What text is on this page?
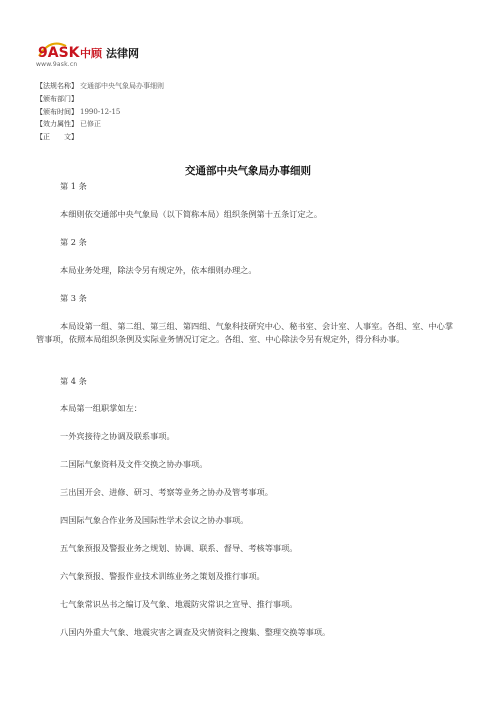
9ASK 中顾 法律网
www.9ask.cn
【法规名称】 交通部中央气象局办事细则
【颁布部门】
【颁布时间】 1990-12-15
【效力属性】 已修正
【正　　文】
交通部中央气象局办事细则

第 1 条

本细则依交通部中央气象局（以下简称本局）组织条例第十五条订定之。

第 2 条

本局业务处理，除法令另有规定外，依本细则办理之。

第 3 条

本局设第一组、第二组、第三组、第四组、气象科技研究中心、秘书室、会计室、人事室。各组、室、中心掌管事项，依照本局组织条例及实际业务情况订定之。各组、室、中心除法令另有规定外，得分科办事。

第 4 条

本局第一组职掌如左：

一外宾接待之协调及联系事项。

二国际气象资料及文件交换之协办事项。

三出国开会、进修、研习、考察等业务之协办及管考事项。

四国际气象合作业务及国际性学术会议之协办事项。

五气象预报及警报业务之规划、协调、联系、督导、考核等事项。

六气象预报、警报作业技术训练业务之策划及推行事项。

七气象常识丛书之编订及气象、地震防灾常识之宣导、推行事项。

八国内外重大气象、地震灾害之调查及灾情资料之搜集、整理交换等事项。
